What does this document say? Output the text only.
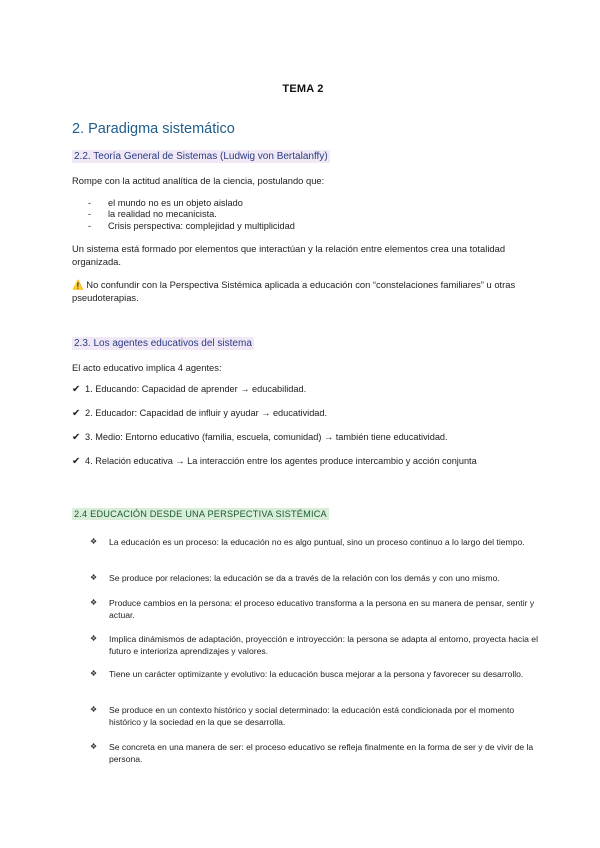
TEMA 2
2. Paradigma sistemático
2.2. Teoría General de Sistemas (Ludwig von Bertalanffy)
Rompe con la actitud analítica de la ciencia, postulando que:
-	el mundo no es un objeto aislado
-	la realidad no mecanicista.
-	Crisis perspectiva: complejidad y multiplicidad
Un sistema está formado por elementos que interactúan y la relación entre elementos crea una totalidad organizada.
⚠️ No confundir con la Perspectiva Sistémica aplicada a educación con “constelaciones familiares” u otras pseudoterapias.
2.3. Los agentes educativos del sistema
El acto educativo implica 4 agentes:
✔ 1. Educando: Capacidad de aprender → educabilidad.
✔ 2. Educador: Capacidad de influir y ayudar → educatividad.
✔ 3. Medio: Entorno educativo (familia, escuela, comunidad) → también tiene educatividad.
✔ 4. Relación educativa → La interacción entre los agentes produce intercambio y acción conjunta
2.4 EDUCACIÓN DESDE UNA PERSPECTIVA SISTÉMICA
❖	La educación es un proceso: la educación no es algo puntual, sino un proceso continuo a lo largo del tiempo.
❖	Se produce por relaciones: la educación se da a través de la relación con los demás y con uno mismo.
❖	Produce cambios en la persona: el proceso educativo transforma a la persona en su manera de pensar, sentir y actuar.
❖	Implica dinámismos de adaptación, proyección e introyección: la persona se adapta al entorno, proyecta hacia el futuro e interioriza aprendizajes y valores.
❖	Tiene un carácter optimizante y evolutivo: la educación busca mejorar a la persona y favorecer su desarrollo.
❖	Se produce en un contexto histórico y social determinado: la educación está condicionada por el momento histórico y la sociedad en la que se desarrolla.
❖	Se concreta en una manera de ser: el proceso educativo se refleja finalmente en la forma de ser y de vivir de la persona.
